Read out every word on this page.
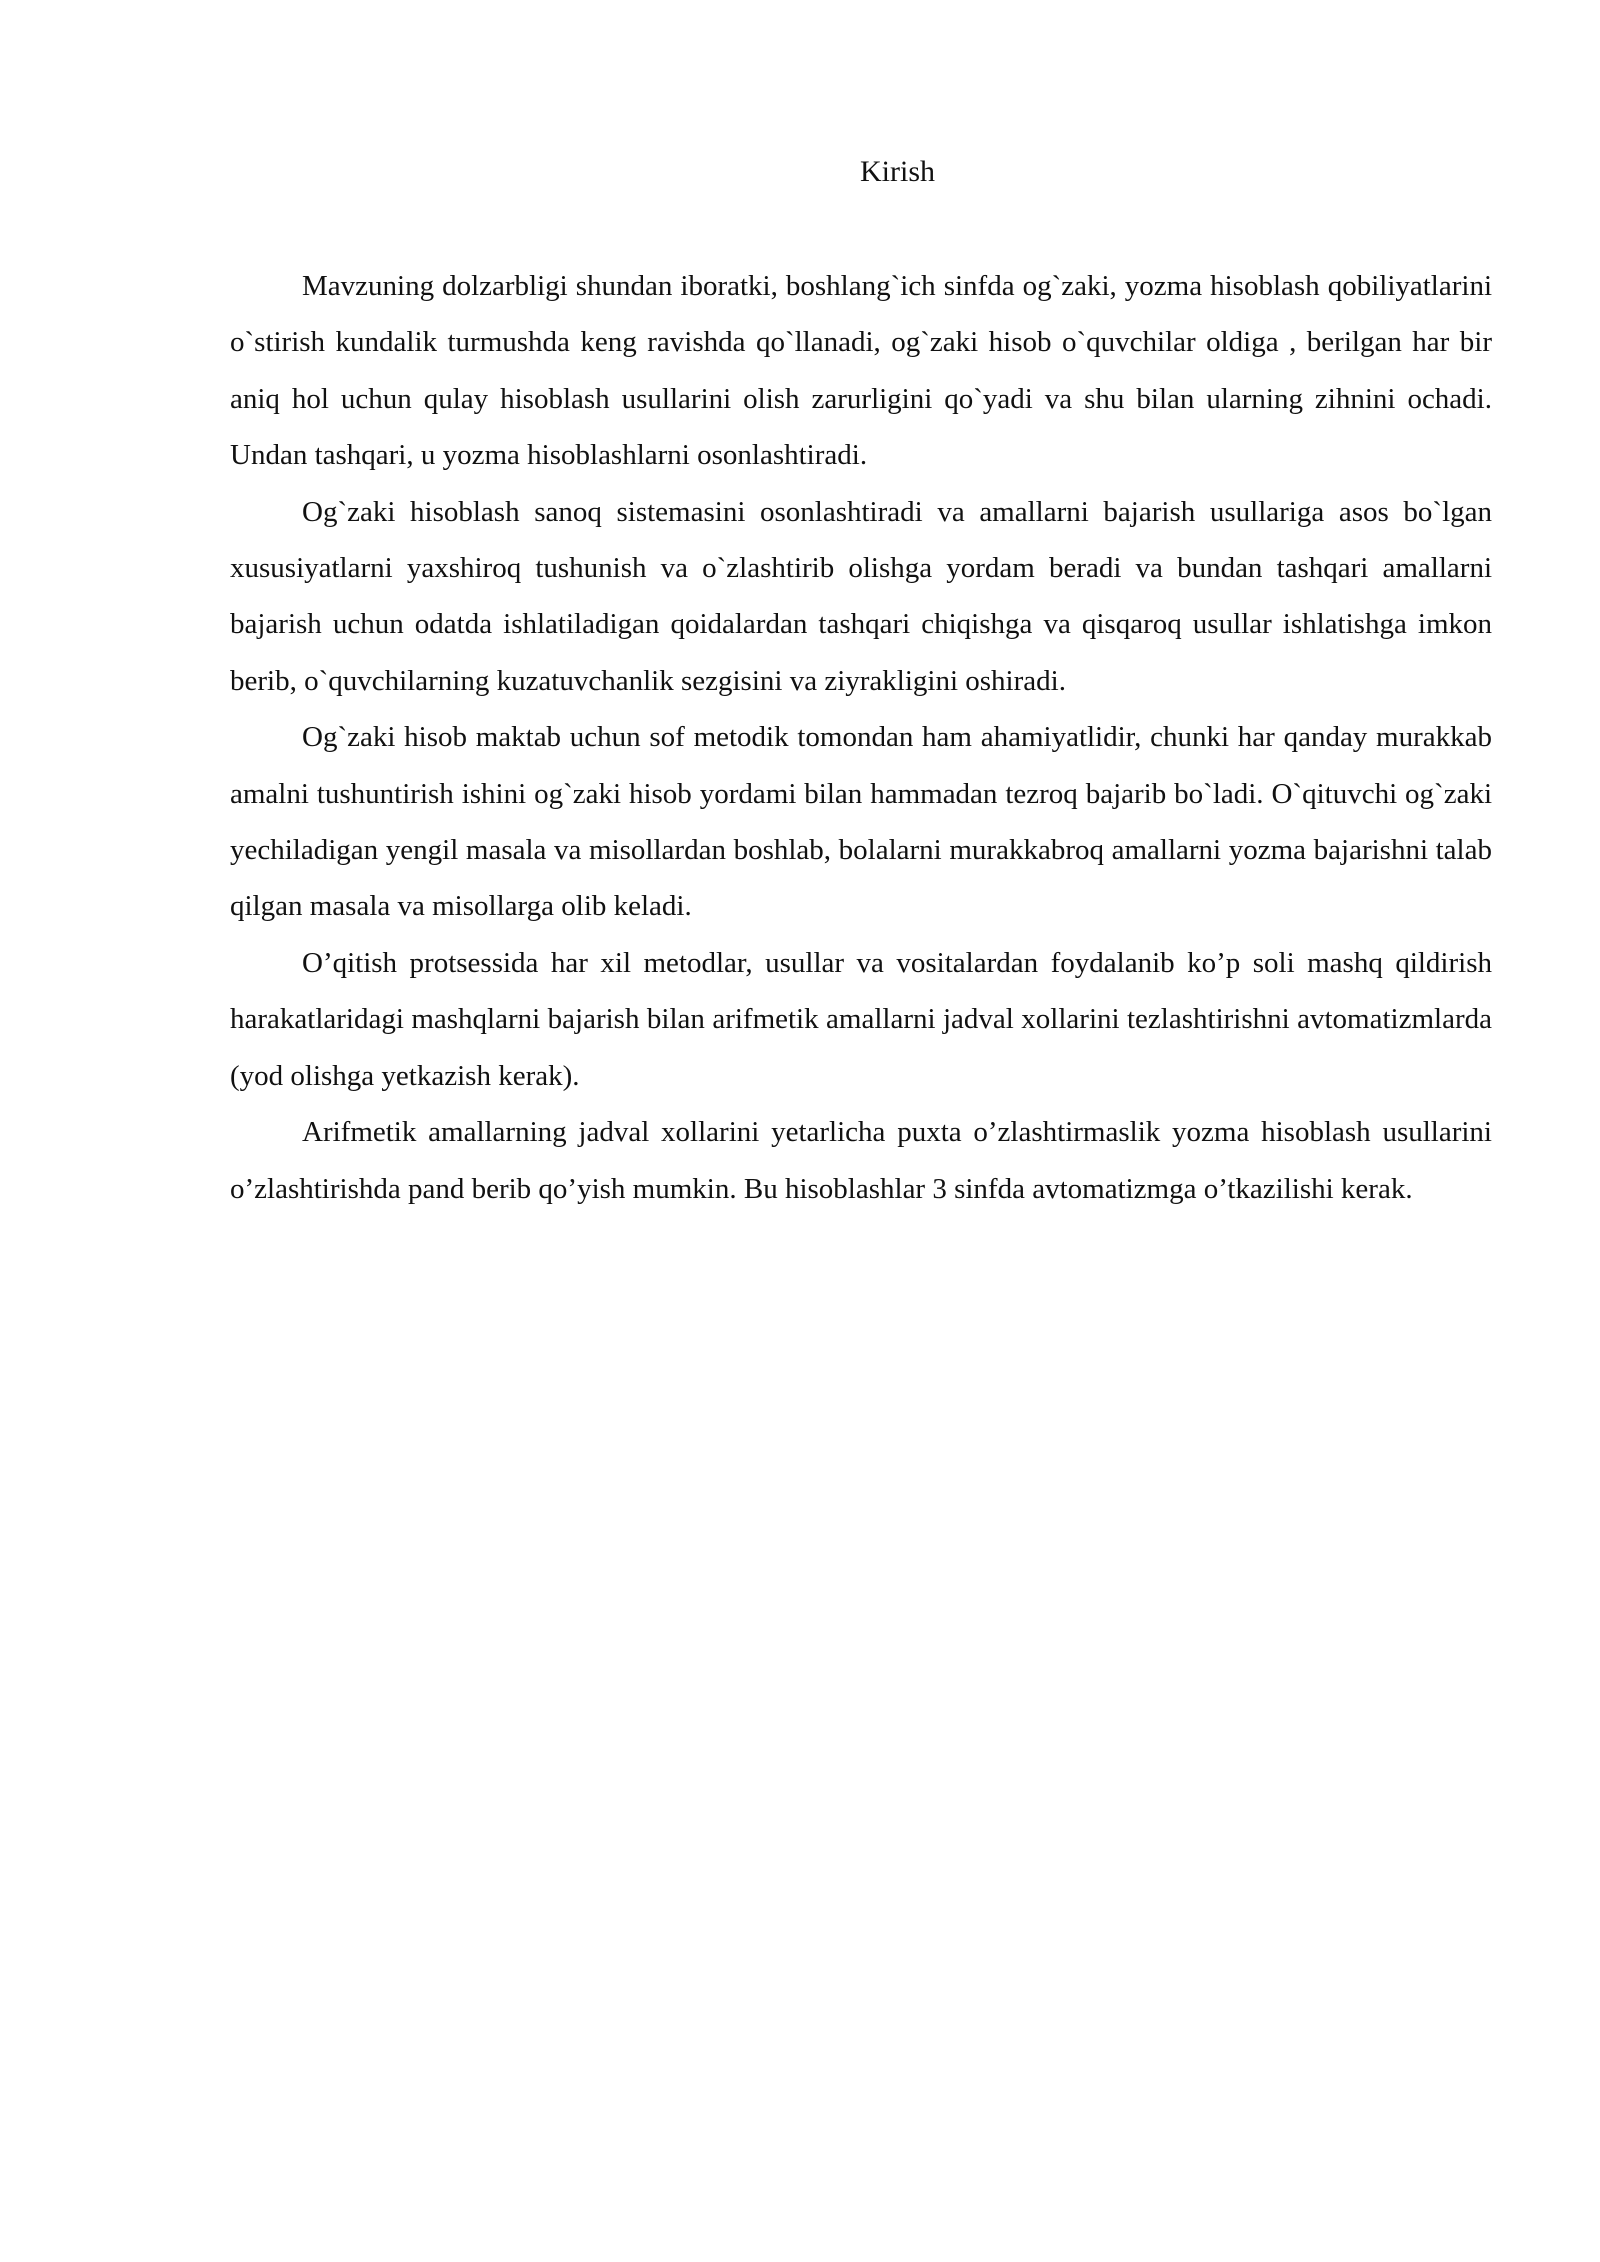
Kirish

Mavzuning dolzarbligi shundan iboratki, boshlang`ich sinfda og`zaki, yozma hisoblash qobiliyatlarini o`stirish kundalik turmushda keng ravishda qo`llanadi, og`zaki hisob o`quvchilar oldiga , berilgan har bir aniq hol uchun qulay hisoblash usullarini olish zarurligini qo`yadi va shu bilan ularning zihnini ochadi. Undan tashqari, u yozma hisoblashlarni osonlashtiradi.

Og`zaki hisoblash sanoq sistemasini osonlashtiradi va amallarni bajarish usullariga asos bo`lgan xususiyatlarni yaxshiroq tushunish va o`zlashtirib olishga yordam beradi va bundan tashqari amallarni bajarish uchun odatda ishlatiladigan qoidalardan tashqari chiqishga va qisqaroq usullar ishlatishga imkon berib, o`quvchilarning kuzatuvchanlik sezgisini va ziyrakligini oshiradi.

Og`zaki hisob maktab uchun sof metodik tomondan ham ahamiyatlidir, chunki har qanday murakkab amalni tushuntirish ishini og`zaki hisob yordami bilan hammadan tezroq bajarib bo`ladi. O`qituvchi og`zaki yechiladigan yengil masala va misollardan boshlab, bolalarni murakkabroq amallarni yozma bajarishni talab qilgan masala va misollarga olib keladi.

O’qitish protsessida har xil metodlar, usullar va vositalardan foydalanib ko’p soli mashq qildirish harakatlaridagi mashqlarni bajarish bilan arifmetik amallarni jadval xollarini tezlashtirishni avtomatizmlarda (yod olishga yetkazish kerak).

Arifmetik amallarning jadval xollarini yetarlicha puxta o’zlashtirmaslik yozma hisoblash usullarini o’zlashtirishda pand berib qo’yish mumkin. Bu hisoblashlar 3 sinfda avtomatizmga o’tkazilishi kerak.
